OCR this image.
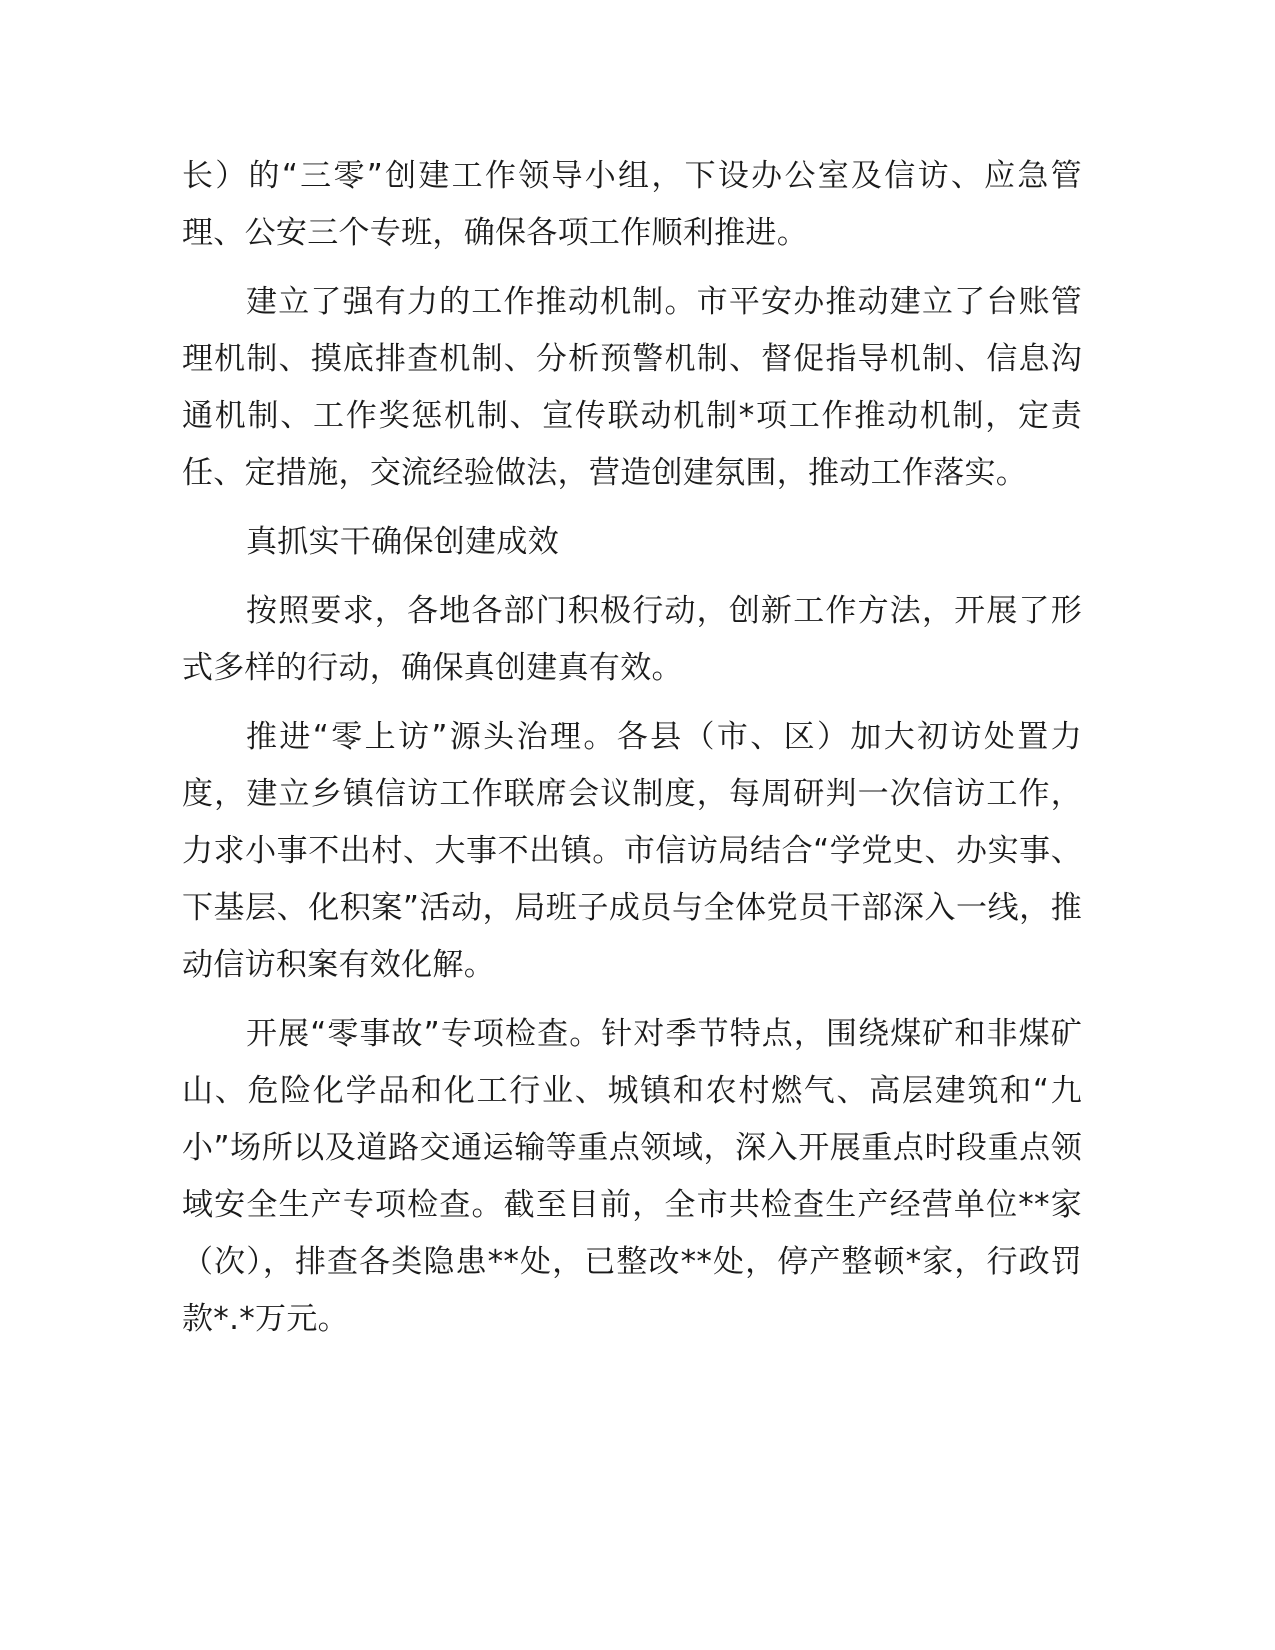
长）的“三零”创建工作领导小组，下设办公室及信访、应急管理、公安三个专班，确保各项工作顺利推进。

建立了强有力的工作推动机制。市平安办推动建立了台账管理机制、摸底排查机制、分析预警机制、督促指导机制、信息沟通机制、工作奖惩机制、宣传联动机制*项工作推动机制，定责任、定措施，交流经验做法，营造创建氛围，推动工作落实。

真抓实干确保创建成效

按照要求，各地各部门积极行动，创新工作方法，开展了形式多样的行动，确保真创建真有效。

推进“零上访”源头治理。各县（市、区）加大初访处置力度，建立乡镇信访工作联席会议制度，每周研判一次信访工作，力求小事不出村、大事不出镇。市信访局结合“学党史、办实事、下基层、化积案”活动，局班子成员与全体党员干部深入一线，推动信访积案有效化解。

开展“零事故”专项检查。针对季节特点，围绕煤矿和非煤矿山、危险化学品和化工行业、城镇和农村燃气、高层建筑和“九小”场所以及道路交通运输等重点领域，深入开展重点时段重点领域安全生产专项检查。截至目前，全市共检查生产经营单位**家（次），排查各类隐患**处，已整改**处，停产整顿*家，行政罚款*.*万元。
